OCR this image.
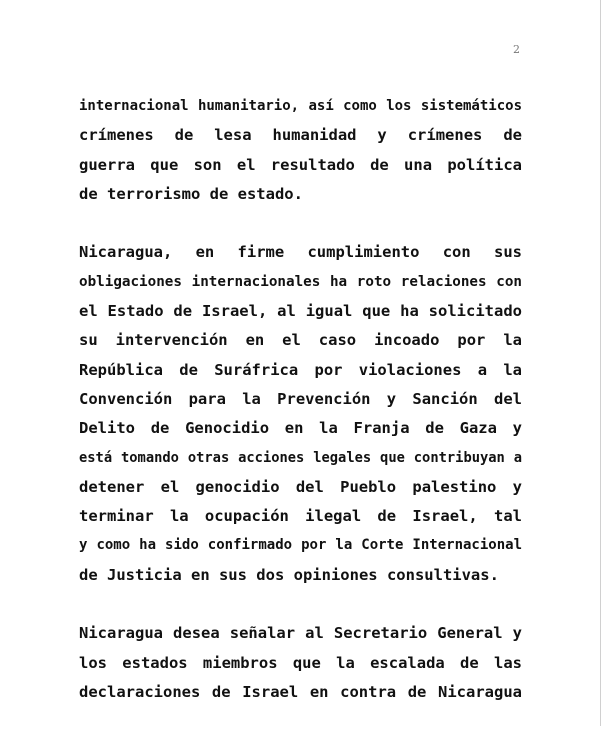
2
internacional humanitario, así como los sistemáticos
crímenes de lesa humanidad y crímenes de
guerra que son el resultado de una política
de terrorismo de estado.
Nicaragua, en firme cumplimiento con sus
obligaciones internacionales ha roto relaciones con
el Estado de Israel, al igual que ha solicitado
su intervención en el caso incoado por la
República de Suráfrica por violaciones a la
Convención para la Prevención y Sanción del
Delito de Genocidio en la Franja de Gaza y
está tomando otras acciones legales que contribuyan a
detener el genocidio del Pueblo palestino y
terminar la ocupación ilegal de Israel, tal
y como ha sido confirmado por la Corte Internacional
de Justicia en sus dos opiniones consultivas.
Nicaragua desea señalar al Secretario General y
los estados miembros que la escalada de las
declaraciones de Israel en contra de Nicaragua
